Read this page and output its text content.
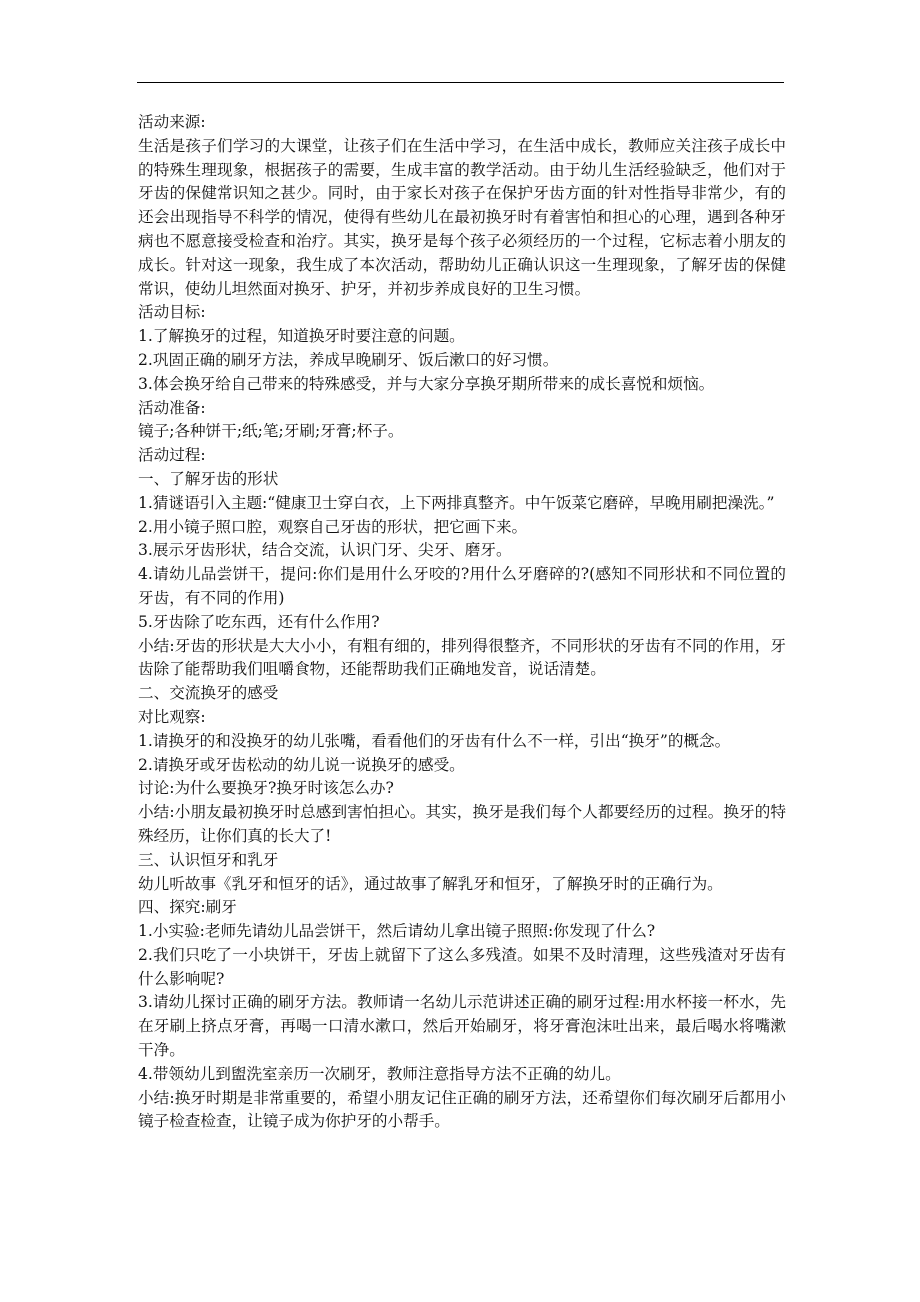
活动来源:

生活是孩子们学习的大课堂，让孩子们在生活中学习，在生活中成长，教师应关注孩子成长中的特殊生理现象，根据孩子的需要，生成丰富的教学活动。由于幼儿生活经验缺乏，他们对于牙齿的保健常识知之甚少。同时，由于家长对孩子在保护牙齿方面的针对性指导非常少，有的还会出现指导不科学的情况，使得有些幼儿在最初换牙时有着害怕和担心的心理，遇到各种牙病也不愿意接受检查和治疗。其实，换牙是每个孩子必须经历的一个过程，它标志着小朋友的成长。针对这一现象，我生成了本次活动，帮助幼儿正确认识这一生理现象，了解牙齿的保健常识，使幼儿坦然面对换牙、护牙，并初步养成良好的卫生习惯。

活动目标:

1.了解换牙的过程，知道换牙时要注意的问题。

2.巩固正确的刷牙方法，养成早晚刷牙、饭后漱口的好习惯。

3.体会换牙给自己带来的特殊感受，并与大家分享换牙期所带来的成长喜悦和烦恼。

活动准备:

镜子;各种饼干;纸;笔;牙刷;牙膏;杯子。

活动过程:

一、了解牙齿的形状

1.猜谜语引入主题:“健康卫士穿白衣，上下两排真整齐。中午饭菜它磨碎，早晚用刷把澡洗。”

2.用小镜子照口腔，观察自己牙齿的形状，把它画下来。

3.展示牙齿形状，结合交流，认识门牙、尖牙、磨牙。

4.请幼儿品尝饼干，提问:你们是用什么牙咬的?用什么牙磨碎的?(感知不同形状和不同位置的牙齿，有不同的作用)

5.牙齿除了吃东西，还有什么作用?

小结:牙齿的形状是大大小小，有粗有细的，排列得很整齐，不同形状的牙齿有不同的作用，牙齿除了能帮助我们咀嚼食物，还能帮助我们正确地发音，说话清楚。

二、交流换牙的感受

对比观察:

1.请换牙的和没换牙的幼儿张嘴，看看他们的牙齿有什么不一样，引出“换牙”的概念。

2.请换牙或牙齿松动的幼儿说一说换牙的感受。

讨论:为什么要换牙?换牙时该怎么办?

小结:小朋友最初换牙时总感到害怕担心。其实，换牙是我们每个人都要经历的过程。换牙的特殊经历，让你们真的长大了!

三、认识恒牙和乳牙

幼儿听故事《乳牙和恒牙的话》，通过故事了解乳牙和恒牙，了解换牙时的正确行为。

四、探究:刷牙

1.小实验:老师先请幼儿品尝饼干，然后请幼儿拿出镜子照照:你发现了什么?

2.我们只吃了一小块饼干，牙齿上就留下了这么多残渣。如果不及时清理，这些残渣对牙齿有什么影响呢?

3.请幼儿探讨正确的刷牙方法。教师请一名幼儿示范讲述正确的刷牙过程:用水杯接一杯水，先在牙刷上挤点牙膏，再喝一口清水漱口，然后开始刷牙，将牙膏泡沫吐出来，最后喝水将嘴漱干净。

4.带领幼儿到盥洗室亲历一次刷牙，教师注意指导方法不正确的幼儿。

小结:换牙时期是非常重要的，希望小朋友记住正确的刷牙方法，还希望你们每次刷牙后都用小镜子检查检查，让镜子成为你护牙的小帮手。
